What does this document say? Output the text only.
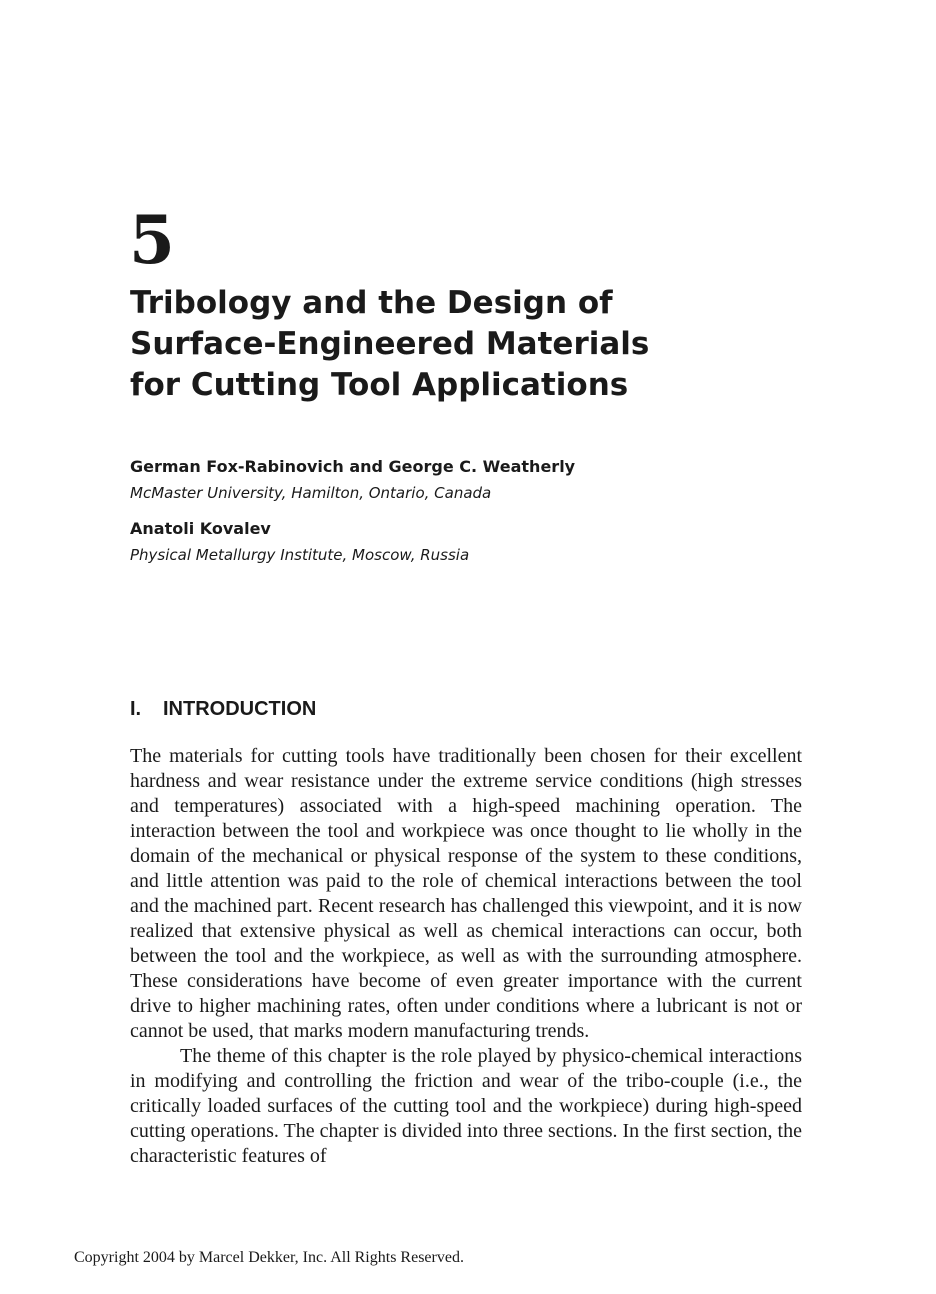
5
Tribology and the Design of
Surface-Engineered Materials
for Cutting Tool Applications

German Fox-Rabinovich and George C. Weatherly

McMaster University, Hamilton, Ontario, Canada

Anatoli Kovalev

Physical Metallurgy Institute, Moscow, Russia

I. INTRODUCTION

The materials for cutting tools have traditionally been chosen for their excellent hardness and wear resistance under the extreme service conditions (high stresses and temperatures) associated with a high-speed machining operation. The interaction between the tool and workpiece was once thought to lie wholly in the domain of the mechanical or physical response of the system to these conditions, and little attention was paid to the role of chemical interactions between the tool and the machined part. Recent research has challenged this viewpoint, and it is now realized that extensive physical as well as chemical interactions can occur, both between the tool and the workpiece, as well as with the surrounding atmosphere. These considerations have become of even greater importance with the current drive to higher machining rates, often under conditions where a lubricant is not or cannot be used, that marks modern manufacturing trends.

The theme of this chapter is the role played by physico-chemical interactions in modifying and controlling the friction and wear of the tribo-couple (i.e., the critically loaded surfaces of the cutting tool and the workpiece) during high-speed cutting operations. The chapter is divided into three sections. In the first section, the characteristic features of

Copyright 2004 by Marcel Dekker, Inc. All Rights Reserved.
